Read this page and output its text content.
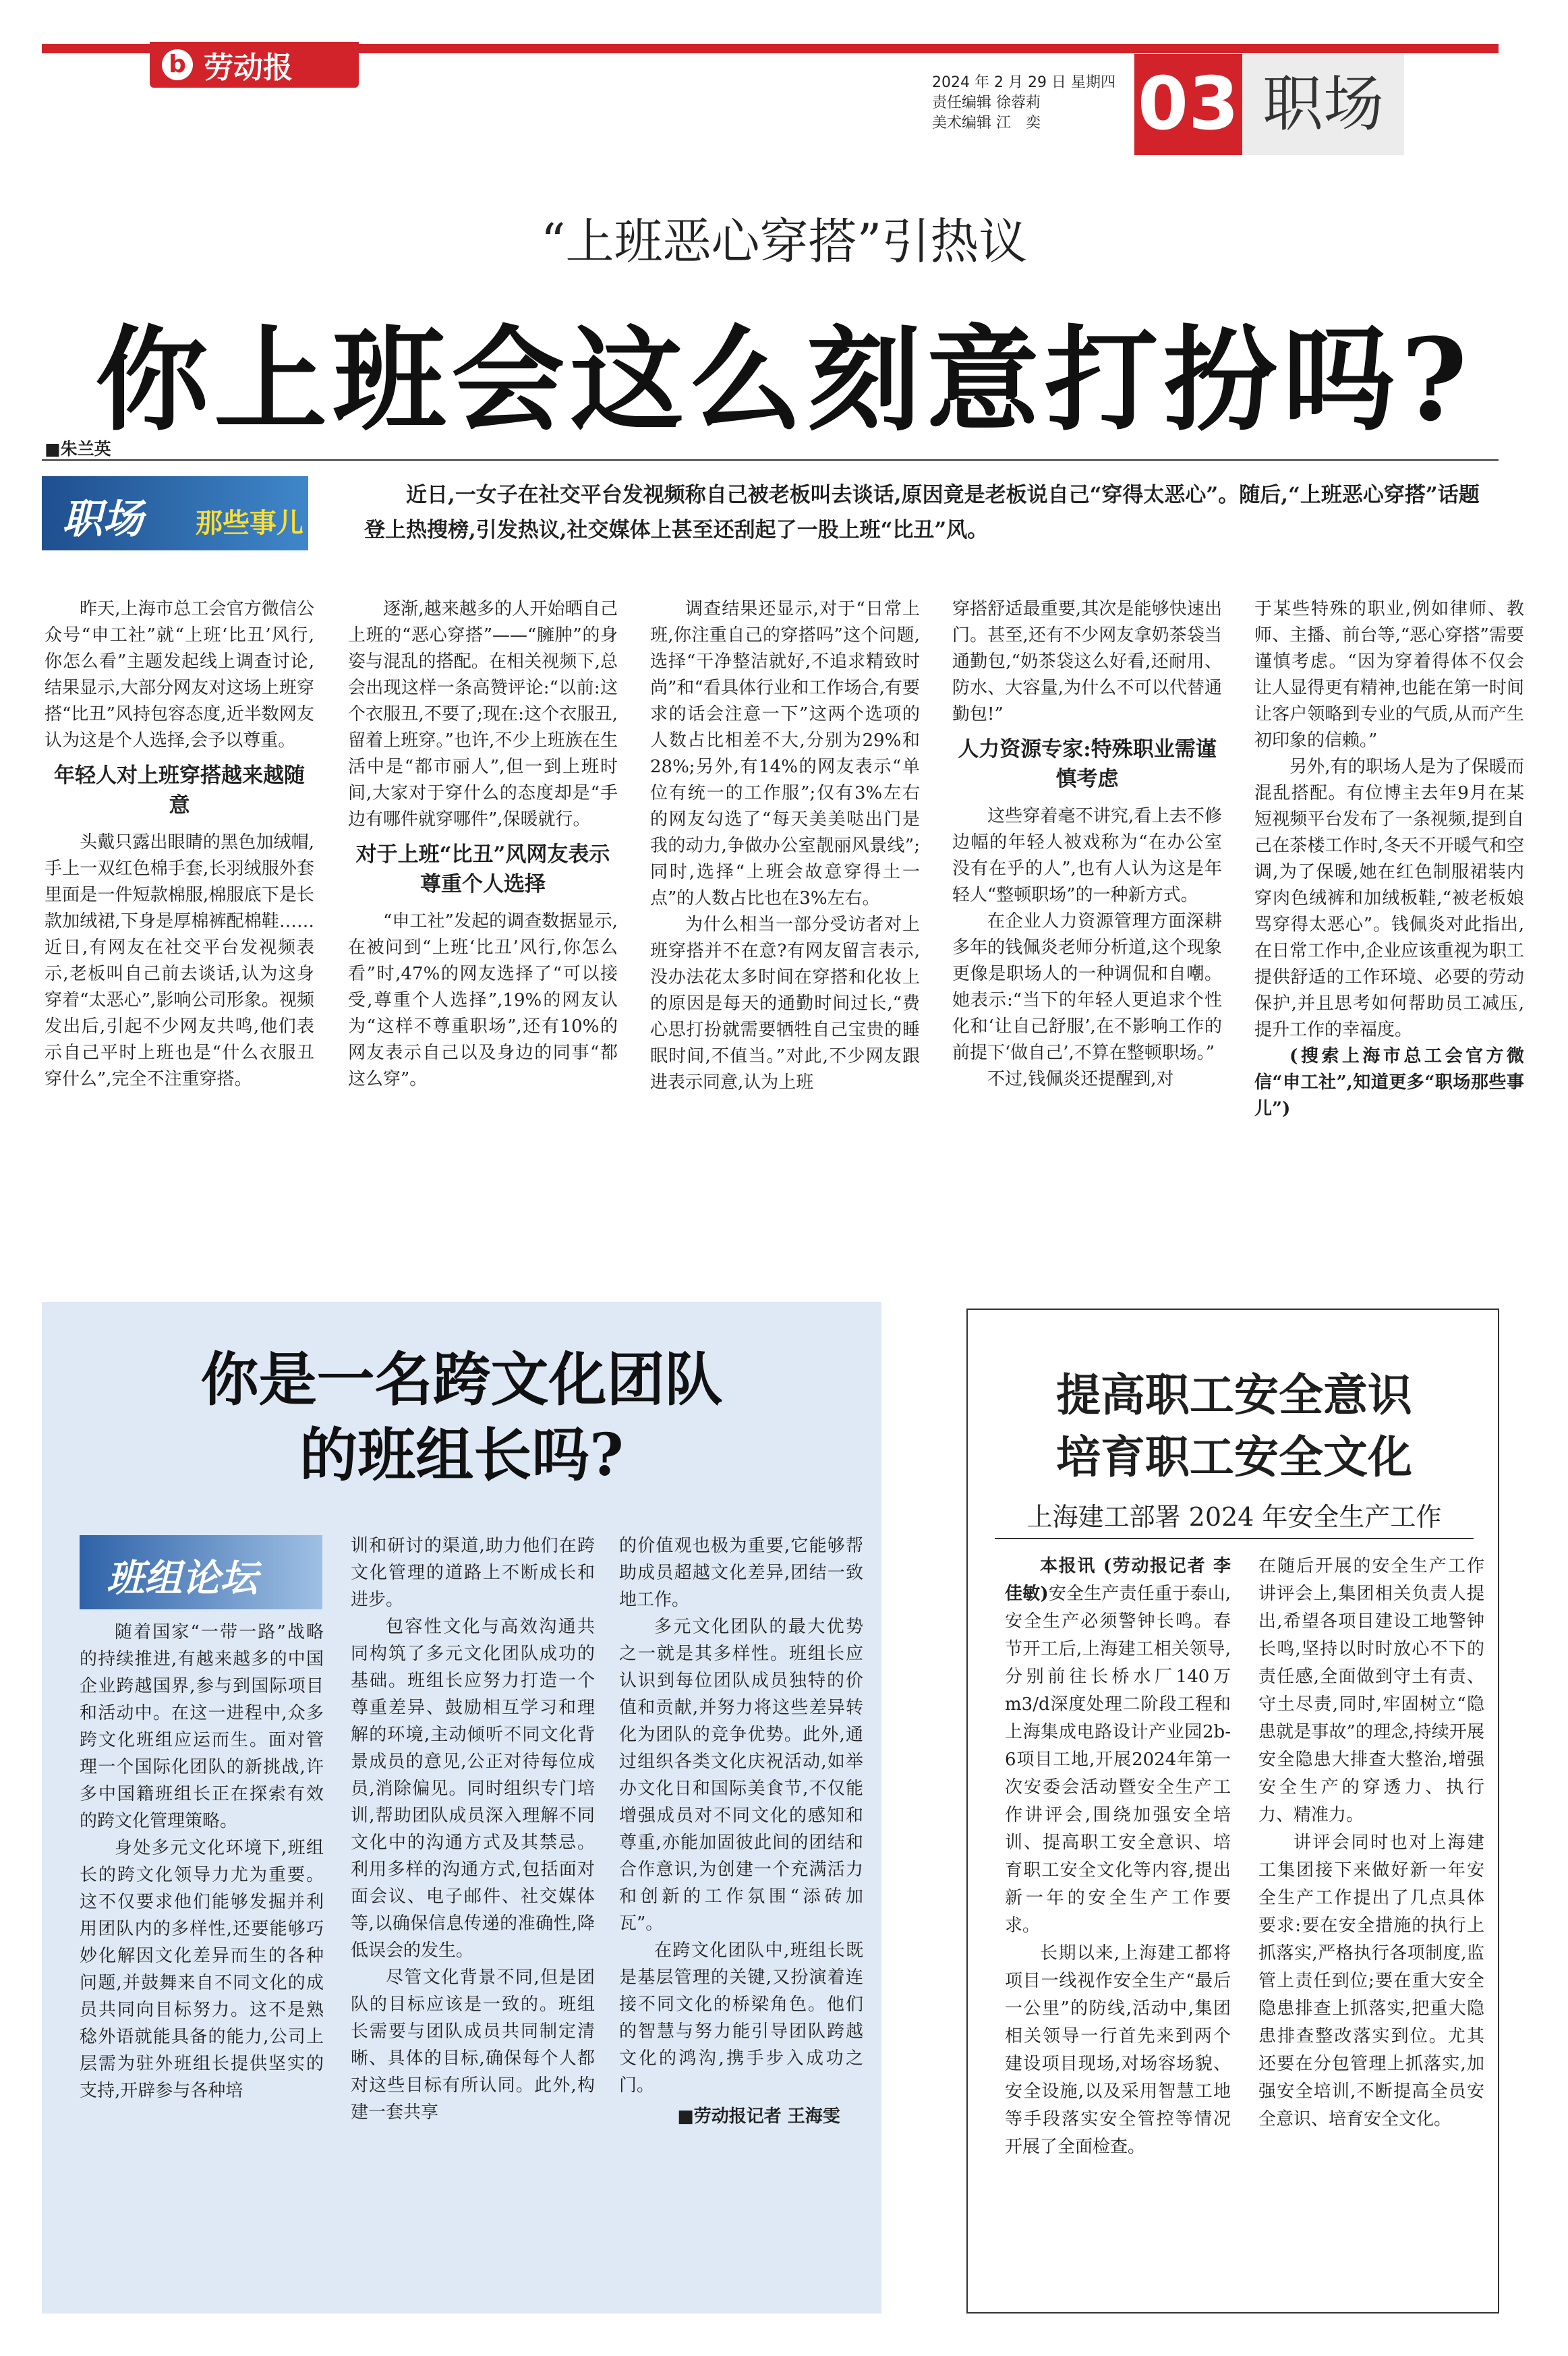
b 劳动报	2024 年 2 月 29 日 星期四
责任编辑 徐蓉莉
美术编辑 江　奕	03 职场
“上班恶心穿搭”引热议
你上班会这么刻意打扮吗?
■朱兰英
职场 那些事儿
近日,一女子在社交平台发视频称自己被老板叫去谈话,原因竟是老板说自己“穿得太恶心”。随后,“上班恶心穿搭”话题登上热搜榜,引发热议,社交媒体上甚至还刮起了一股上班“比丑”风。

昨天,上海市总工会官方微信公众号“申工社”就“上班‘比丑’风行,你怎么看”主题发起线上调查讨论,结果显示,大部分网友对这场上班穿搭“比丑”风持包容态度,近半数网友认为这是个人选择,会予以尊重。

年轻人对上班穿搭越来越随意

头戴只露出眼睛的黑色加绒帽,手上一双红色棉手套,长羽绒服外套里面是一件短款棉服,棉服底下是长款加绒裙,下身是厚棉裤配棉鞋……近日,有网友在社交平台发视频表示,老板叫自己前去谈话,认为这身穿着“太恶心”,影响公司形象。视频发出后,引起不少网友共鸣,他们表示自己平时上班也是“什么衣服丑穿什么”,完全不注重穿搭。

逐渐,越来越多的人开始晒自己上班的“恶心穿搭”——“臃肿”的身姿与混乱的搭配。在相关视频下,总会出现这样一条高赞评论:“以前:这个衣服丑,不要了;现在:这个衣服丑,留着上班穿。”也许,不少上班族在生活中是“都市丽人”,但一到上班时间,大家对于穿什么的态度却是“手边有哪件就穿哪件”,保暖就行。

对于上班“比丑”风网友表示尊重个人选择

“申工社”发起的调查数据显示,在被问到“上班‘比丑’风行,你怎么看”时,47%的网友选择了“可以接受,尊重个人选择”,19%的网友认为“这样不尊重职场”,还有10%的网友表示自己以及身边的同事“都这么穿”。

调查结果还显示,对于“日常上班,你注重自己的穿搭吗”这个问题,选择“干净整洁就好,不追求精致时尚”和“看具体行业和工作场合,有要求的话会注意一下”这两个选项的人数占比相差不大,分别为29%和28%;另外,有14%的网友表示“单位有统一的工作服”;仅有3%左右的网友勾选了“每天美美哒出门是我的动力,争做办公室靓丽风景线”;同时,选择“上班会故意穿得土一点”的人数占比也在3%左右。

为什么相当一部分受访者对上班穿搭并不在意?有网友留言表示,没办法花太多时间在穿搭和化妆上的原因是每天的通勤时间过长,“费心思打扮就需要牺牲自己宝贵的睡眠时间,不值当。”对此,不少网友跟进表示同意,认为上班

穿搭舒适最重要,其次是能够快速出门。甚至,还有不少网友拿奶茶袋当通勤包,“奶茶袋这么好看,还耐用、防水、大容量,为什么不可以代替通勤包!”

人力资源专家:特殊职业需谨慎考虑

这些穿着毫不讲究,看上去不修边幅的年轻人被戏称为“在办公室没有在乎的人”,也有人认为这是年轻人“整顿职场”的一种新方式。

在企业人力资源管理方面深耕多年的钱佩炎老师分析道,这个现象更像是职场人的一种调侃和自嘲。她表示:“当下的年轻人更追求个性化和‘让自己舒服’,在不影响工作的前提下‘做自己’,不算在整顿职场。”

不过,钱佩炎还提醒到,对

于某些特殊的职业,例如律师、教师、主播、前台等,“恶心穿搭”需要谨慎考虑。“因为穿着得体不仅会让人显得更有精神,也能在第一时间让客户领略到专业的气质,从而产生初印象的信赖。”

另外,有的职场人是为了保暖而混乱搭配。有位博主去年9月在某短视频平台发布了一条视频,提到自己在茶楼工作时,冬天不开暖气和空调,为了保暖,她在红色制服裙装内穿肉色绒裤和加绒板鞋,“被老板娘骂穿得太恶心”。钱佩炎对此指出,在日常工作中,企业应该重视为职工提供舒适的工作环境、必要的劳动保护,并且思考如何帮助员工减压,提升工作的幸福度。

(搜索上海市总工会官方微信“申工社”,知道更多“职场那些事儿”)

你是一名跨文化团队
的班组长吗?
班组论坛

随着国家“一带一路”战略的持续推进,有越来越多的中国企业跨越国界,参与到国际项目和活动中。在这一进程中,众多跨文化班组应运而生。面对管理一个国际化团队的新挑战,许多中国籍班组长正在探索有效的跨文化管理策略。

身处多元文化环境下,班组长的跨文化领导力尤为重要。这不仅要求他们能够发掘并利用团队内的多样性,还要能够巧妙化解因文化差异而生的各种问题,并鼓舞来自不同文化的成员共同向目标努力。这不是熟稔外语就能具备的能力,公司上层需为驻外班组长提供坚实的支持,开辟参与各种培

训和研讨的渠道,助力他们在跨文化管理的道路上不断成长和进步。

包容性文化与高效沟通共同构筑了多元文化团队成功的基础。班组长应努力打造一个尊重差异、鼓励相互学习和理解的环境,主动倾听不同文化背景成员的意见,公正对待每位成员,消除偏见。同时组织专门培训,帮助团队成员深入理解不同文化中的沟通方式及其禁忌。利用多样的沟通方式,包括面对面会议、电子邮件、社交媒体等,以确保信息传递的准确性,降低误会的发生。

尽管文化背景不同,但是团队的目标应该是一致的。班组长需要与团队成员共同制定清晰、具体的目标,确保每个人都对这些目标有所认同。此外,构建一套共享

的价值观也极为重要,它能够帮助成员超越文化差异,团结一致地工作。

多元文化团队的最大优势之一就是其多样性。班组长应认识到每位团队成员独特的价值和贡献,并努力将这些差异转化为团队的竞争优势。此外,通过组织各类文化庆祝活动,如举办文化日和国际美食节,不仅能增强成员对不同文化的感知和尊重,亦能加固彼此间的团结和合作意识,为创建一个充满活力和创新的工作氛围“添砖加瓦”。

在跨文化团队中,班组长既是基层管理的关键,又扮演着连接不同文化的桥梁角色。他们的智慧与努力能引导团队跨越文化的鸿沟,携手步入成功之门。

■劳动报记者 王海雯

提高职工安全意识
培育职工安全文化
上海建工部署 2024 年安全生产工作

本报讯 (劳动报记者 李佳敏)安全生产责任重于泰山,安全生产必须警钟长鸣。春节开工后,上海建工相关领导,分别前往长桥水厂140万m3/d深度处理二阶段工程和上海集成电路设计产业园2b-6项目工地,开展2024年第一次安委会活动暨安全生产工作讲评会,围绕加强安全培训、提高职工安全意识、培育职工安全文化等内容,提出新一年的安全生产工作要求。

长期以来,上海建工都将项目一线视作安全生产“最后一公里”的防线,活动中,集团相关领导一行首先来到两个建设项目现场,对场容场貌、安全设施,以及采用智慧工地等手段落实安全管控等情况开展了全面检查。

在随后开展的安全生产工作讲评会上,集团相关负责人提出,希望各项目建设工地警钟长鸣,坚持以时时放心不下的责任感,全面做到守土有责、守土尽责,同时,牢固树立“隐患就是事故”的理念,持续开展安全隐患大排查大整治,增强安全生产的穿透力、执行力、精准力。

讲评会同时也对上海建工集团接下来做好新一年安全生产工作提出了几点具体要求:要在安全措施的执行上抓落实,严格执行各项制度,监管上责任到位;要在重大安全隐患排查上抓落实,把重大隐患排查整改落实到位。尤其还要在分包管理上抓落实,加强安全培训,不断提高全员安全意识、培育安全文化。
